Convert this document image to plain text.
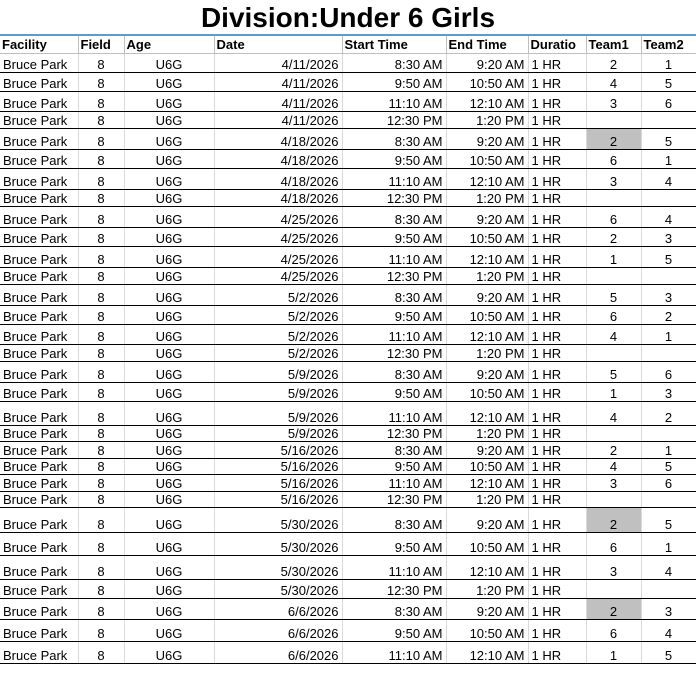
Division:Under 6 Girls
Facility	Field	Age	Date	Start Time	End Time	Duratio	Team1	Team2
Bruce Park	8	U6G	4/11/2026	8:30 AM	9:20 AM	1 HR	2	1
Bruce Park	8	U6G	4/11/2026	9:50 AM	10:50 AM	1 HR	4	5
Bruce Park	8	U6G	4/11/2026	11:10 AM	12:10 AM	1 HR	3	6
Bruce Park	8	U6G	4/11/2026	12:30 PM	1:20 PM	1 HR		
Bruce Park	8	U6G	4/18/2026	8:30 AM	9:20 AM	1 HR	2	5
Bruce Park	8	U6G	4/18/2026	9:50 AM	10:50 AM	1 HR	6	1
Bruce Park	8	U6G	4/18/2026	11:10 AM	12:10 AM	1 HR	3	4
Bruce Park	8	U6G	4/18/2026	12:30 PM	1:20 PM	1 HR		
Bruce Park	8	U6G	4/25/2026	8:30 AM	9:20 AM	1 HR	6	4
Bruce Park	8	U6G	4/25/2026	9:50 AM	10:50 AM	1 HR	2	3
Bruce Park	8	U6G	4/25/2026	11:10 AM	12:10 AM	1 HR	1	5
Bruce Park	8	U6G	4/25/2026	12:30 PM	1:20 PM	1 HR		
Bruce Park	8	U6G	5/2/2026	8:30 AM	9:20 AM	1 HR	5	3
Bruce Park	8	U6G	5/2/2026	9:50 AM	10:50 AM	1 HR	6	2
Bruce Park	8	U6G	5/2/2026	11:10 AM	12:10 AM	1 HR	4	1
Bruce Park	8	U6G	5/2/2026	12:30 PM	1:20 PM	1 HR		
Bruce Park	8	U6G	5/9/2026	8:30 AM	9:20 AM	1 HR	5	6
Bruce Park	8	U6G	5/9/2026	9:50 AM	10:50 AM	1 HR	1	3
Bruce Park	8	U6G	5/9/2026	11:10 AM	12:10 AM	1 HR	4	2
Bruce Park	8	U6G	5/9/2026	12:30 PM	1:20 PM	1 HR		
Bruce Park	8	U6G	5/16/2026	8:30 AM	9:20 AM	1 HR	2	1
Bruce Park	8	U6G	5/16/2026	9:50 AM	10:50 AM	1 HR	4	5
Bruce Park	8	U6G	5/16/2026	11:10 AM	12:10 AM	1 HR	3	6
Bruce Park	8	U6G	5/16/2026	12:30 PM	1:20 PM	1 HR		
Bruce Park	8	U6G	5/30/2026	8:30 AM	9:20 AM	1 HR	2	5
Bruce Park	8	U6G	5/30/2026	9:50 AM	10:50 AM	1 HR	6	1
Bruce Park	8	U6G	5/30/2026	11:10 AM	12:10 AM	1 HR	3	4
Bruce Park	8	U6G	5/30/2026	12:30 PM	1:20 PM	1 HR		
Bruce Park	8	U6G	6/6/2026	8:30 AM	9:20 AM	1 HR	2	3
Bruce Park	8	U6G	6/6/2026	9:50 AM	10:50 AM	1 HR	6	4
Bruce Park	8	U6G	6/6/2026	11:10 AM	12:10 AM	1 HR	1	5
